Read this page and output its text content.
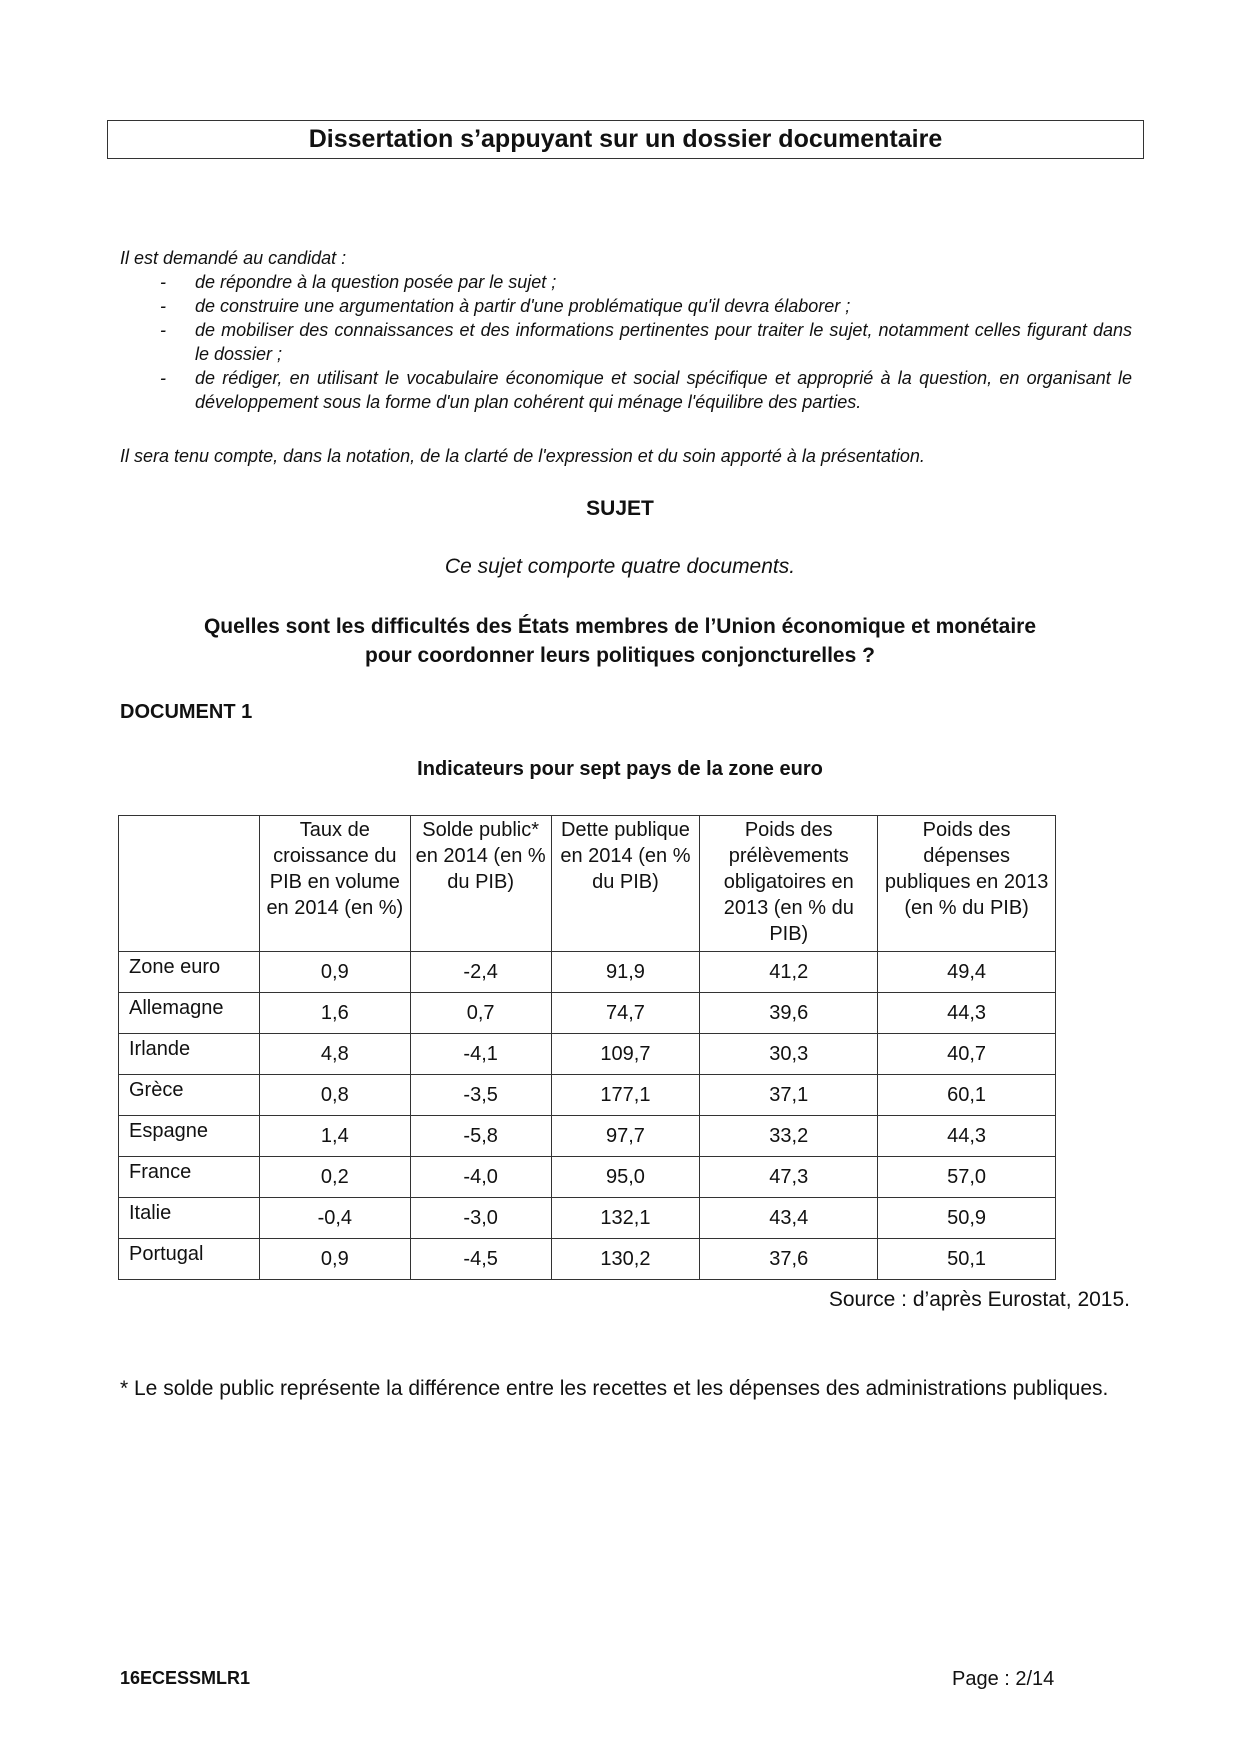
Dissertation s’appuyant sur un dossier documentaire
Il est demandé au candidat :
- de répondre à la question posée par le sujet ;
- de construire une argumentation à partir d'une problématique qu'il devra élaborer ;
- de mobiliser des connaissances et des informations pertinentes pour traiter le sujet, notamment celles figurant dans le dossier ;
- de rédiger, en utilisant le vocabulaire économique et social spécifique et approprié à la question, en organisant le développement sous la forme d'un plan cohérent qui ménage l'équilibre des parties.
Il sera tenu compte, dans la notation, de la clarté de l'expression et du soin apporté à la présentation.
SUJET
Ce sujet comporte quatre documents.
Quelles sont les difficultés des États membres de l’Union économique et monétaire
pour coordonner leurs politiques conjoncturelles ?
DOCUMENT 1
Indicateurs pour sept pays de la zone euro
	Taux de croissance du PIB en volume en 2014 (en %)	Solde public* en 2014 (en % du PIB)	Dette publique en 2014 (en % du PIB)	Poids des prélèvements obligatoires en 2013 (en % du PIB)	Poids des dépenses publiques en 2013 (en % du PIB)
Zone euro	0,9	-2,4	91,9	41,2	49,4
Allemagne	1,6	0,7	74,7	39,6	44,3
Irlande	4,8	-4,1	109,7	30,3	40,7
Grèce	0,8	-3,5	177,1	37,1	60,1
Espagne	1,4	-5,8	97,7	33,2	44,3
France	0,2	-4,0	95,0	47,3	57,0
Italie	-0,4	-3,0	132,1	43,4	50,9
Portugal	0,9	-4,5	130,2	37,6	50,1
Source : d’après Eurostat, 2015.
* Le solde public représente la différence entre les recettes et les dépenses des administrations publiques.
16ECESSMLR1	Page : 2/14
